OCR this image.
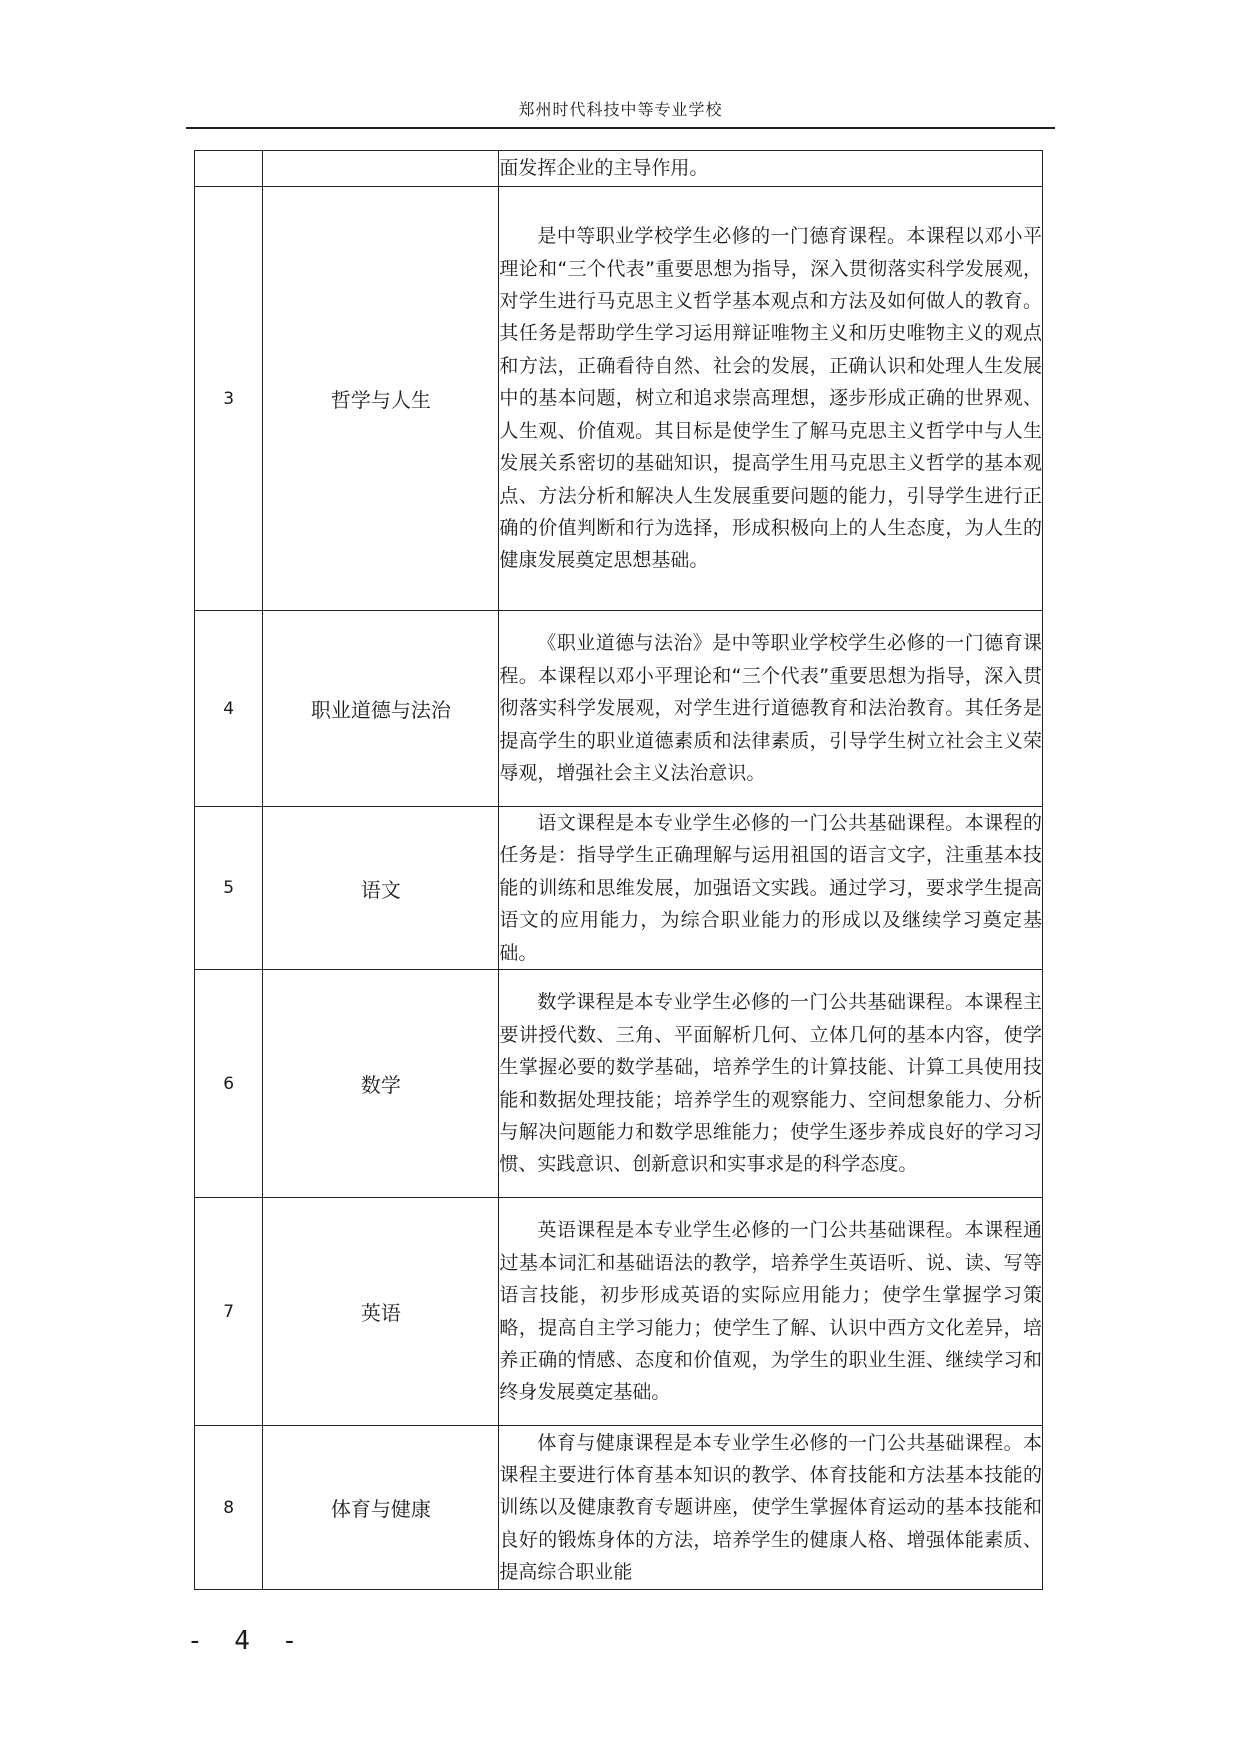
郑州时代科技中等专业学校

		面发挥企业的主导作用。

3	哲学与人生	是中等职业学校学生必修的一门德育课程。本课程以邓小平理论和“三个代表”重要思想为指导，深入贯彻落实科学发展观，对学生进行马克思主义哲学基本观点和方法及如何做人的教育。其任务是帮助学生学习运用辩证唯物主义和历史唯物主义的观点和方法，正确看待自然、社会的发展，正确认识和处理人生发展中的基本问题，树立和追求崇高理想，逐步形成正确的世界观、人生观、价值观。其目标是使学生了解马克思主义哲学中与人生发展关系密切的基础知识，提高学生用马克思主义哲学的基本观点、方法分析和解决人生发展重要问题的能力，引导学生进行正确的价值判断和行为选择，形成积极向上的人生态度，为人生的健康发展奠定思想基础。

4	职业道德与法治	《职业道德与法治》是中等职业学校学生必修的一门德育课程。本课程以邓小平理论和“三个代表”重要思想为指导，深入贯彻落实科学发展观，对学生进行道德教育和法治教育。其任务是提高学生的职业道德素质和法律素质，引导学生树立社会主义荣辱观，增强社会主义法治意识。

5	语文	语文课程是本专业学生必修的一门公共基础课程。本课程的任务是：指导学生正确理解与运用祖国的语言文字，注重基本技能的训练和思维发展，加强语文实践。通过学习，要求学生提高语文的应用能力，为综合职业能力的形成以及继续学习奠定基础。

6	数学	数学课程是本专业学生必修的一门公共基础课程。本课程主要讲授代数、三角、平面解析几何、立体几何的基本内容，使学生掌握必要的数学基础，培养学生的计算技能、计算工具使用技能和数据处理技能；培养学生的观察能力、空间想象能力、分析与解决问题能力和数学思维能力；使学生逐步养成良好的学习习惯、实践意识、创新意识和实事求是的科学态度。

7	英语	英语课程是本专业学生必修的一门公共基础课程。本课程通过基本词汇和基础语法的教学，培养学生英语听、说、读、写等语言技能，初步形成英语的实际应用能力；使学生掌握学习策略，提高自主学习能力；使学生了解、认识中西方文化差异，培养正确的情感、态度和价值观，为学生的职业生涯、继续学习和终身发展奠定基础。

8	体育与健康	体育与健康课程是本专业学生必修的一门公共基础课程。本课程主要进行体育基本知识的教学、体育技能和方法基本技能的训练以及健康教育专题讲座，使学生掌握体育运动的基本技能和良好的锻炼身体的方法，培养学生的健康人格、增强体能素质、提高综合职业能
- 4 -
